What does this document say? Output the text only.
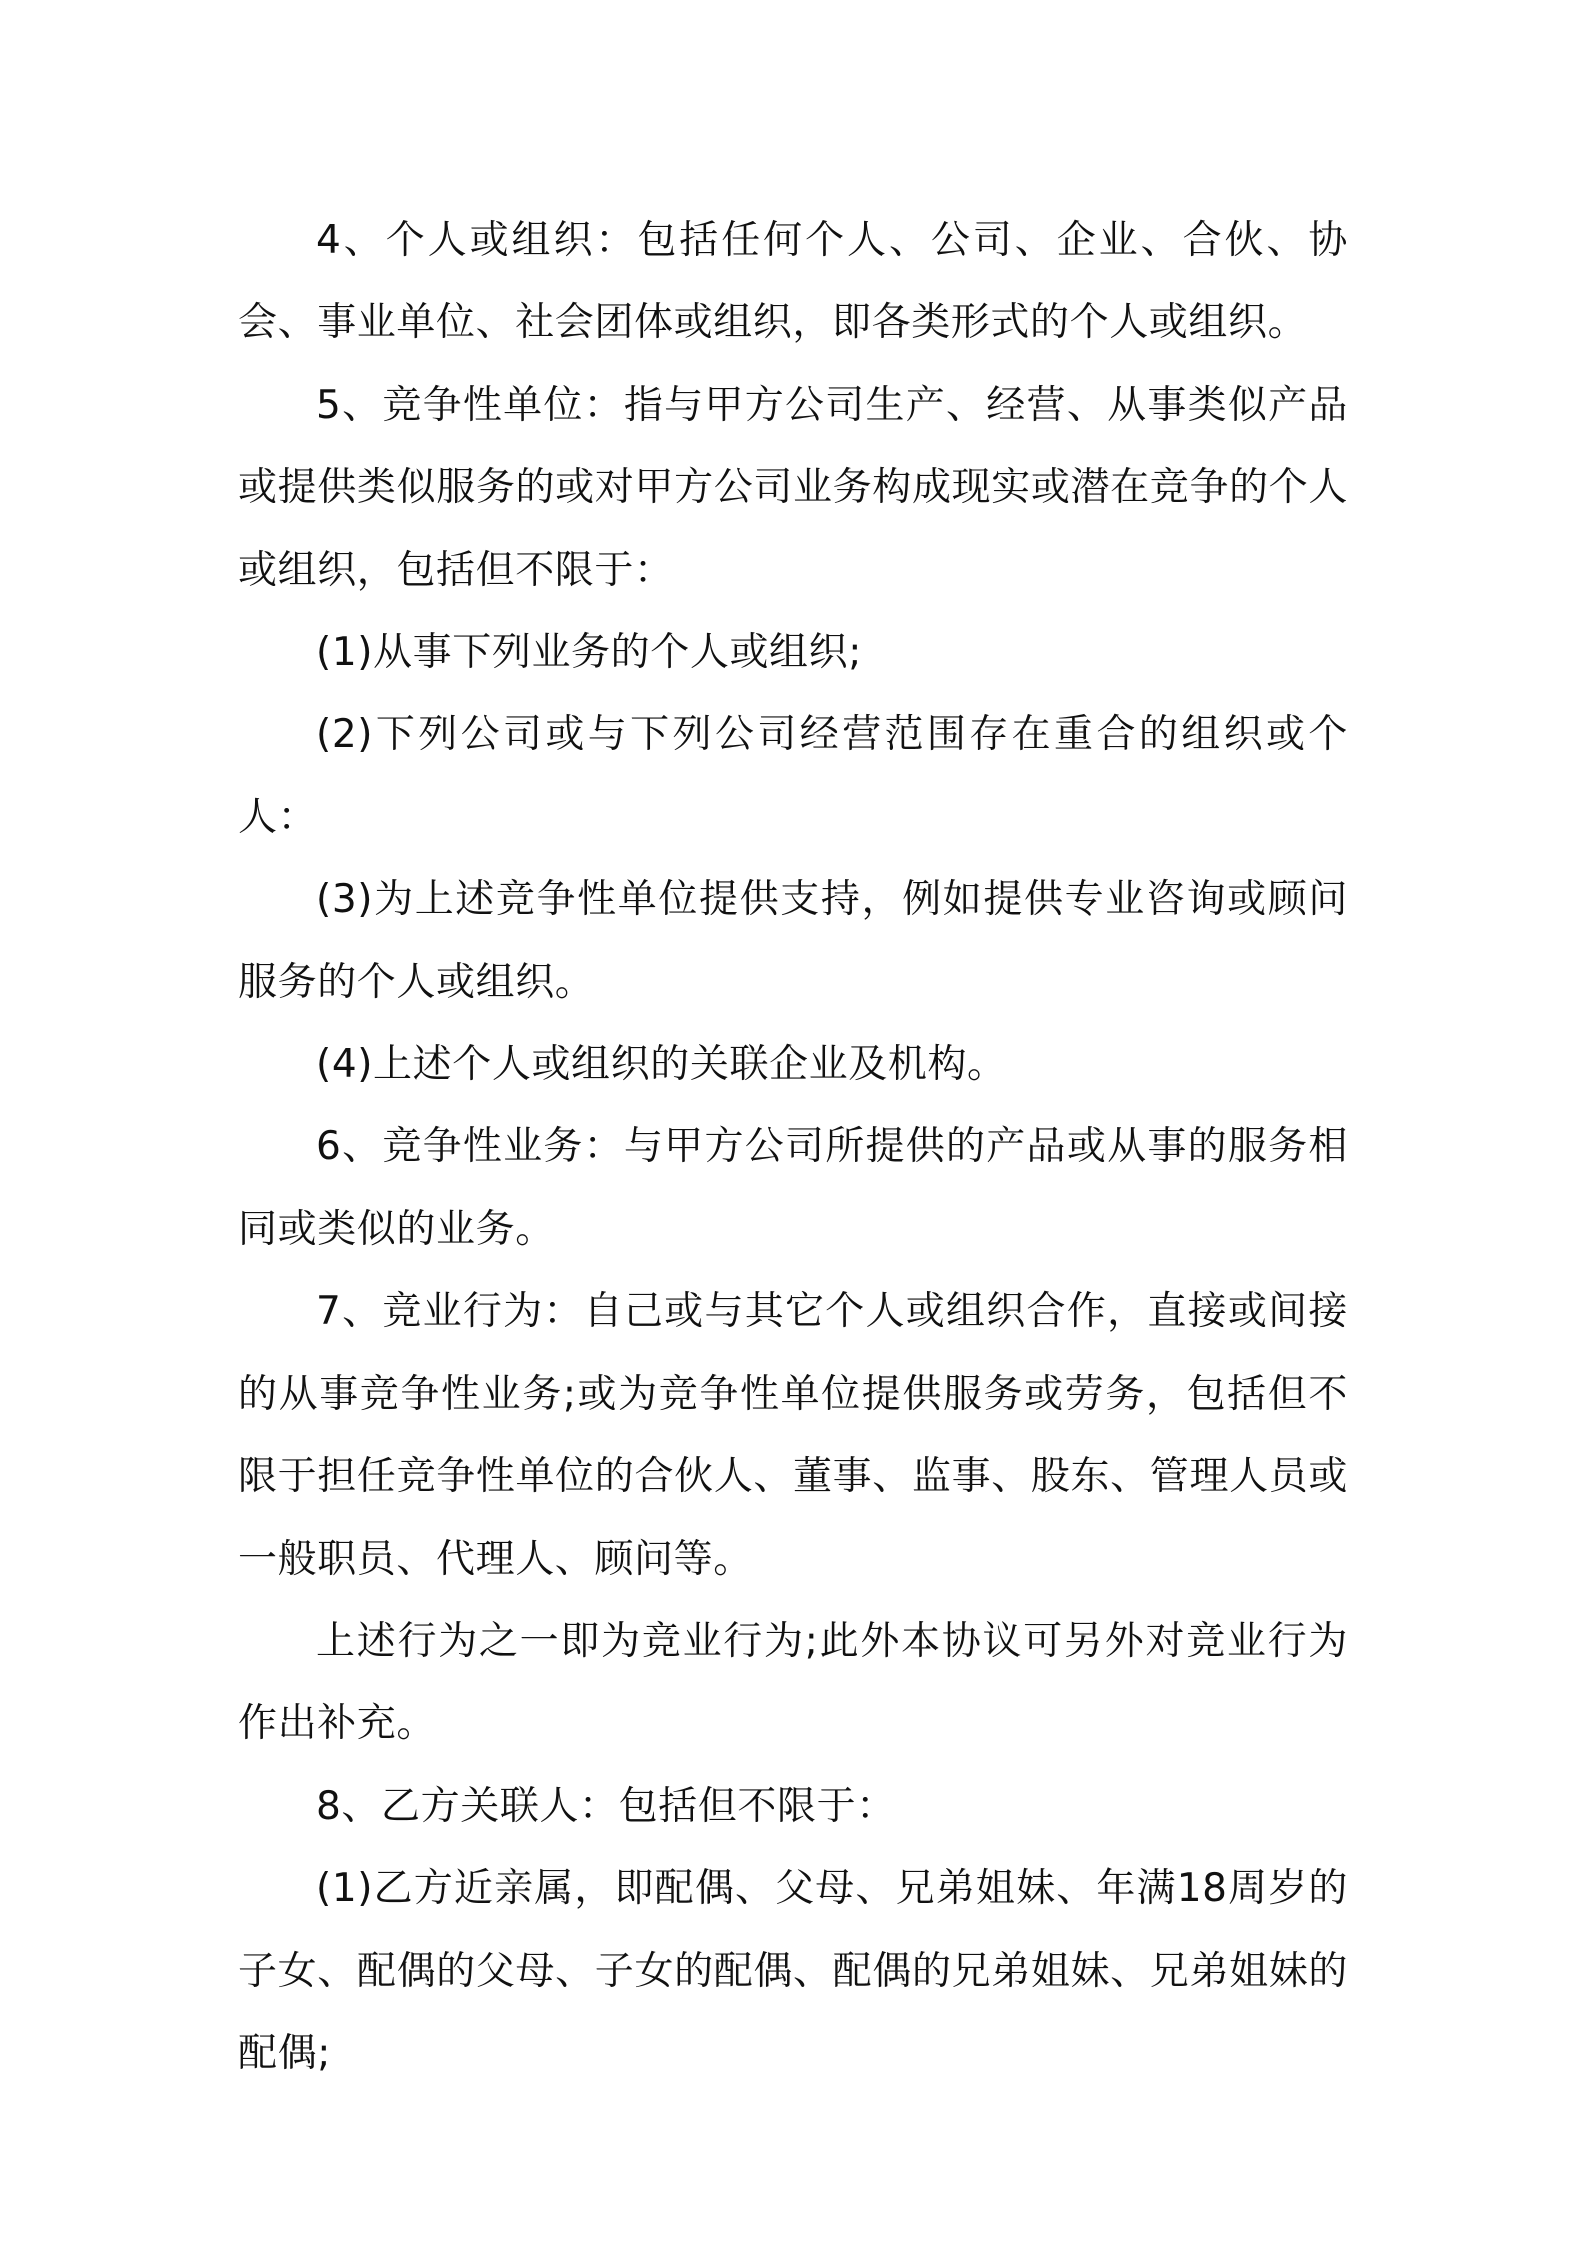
4、个人或组织：包括任何个人、公司、企业、合伙、协会、事业单位、社会团体或组织，即各类形式的个人或组织。

5、竞争性单位：指与甲方公司生产、经营、从事类似产品或提供类似服务的或对甲方公司业务构成现实或潜在竞争的个人或组织，包括但不限于：

(1)从事下列业务的个人或组织;

(2)下列公司或与下列公司经营范围存在重合的组织或个人：

(3)为上述竞争性单位提供支持，例如提供专业咨询或顾问服务的个人或组织。

(4)上述个人或组织的关联企业及机构。

6、竞争性业务：与甲方公司所提供的产品或从事的服务相同或类似的业务。

7、竞业行为：自己或与其它个人或组织合作，直接或间接的从事竞争性业务;或为竞争性单位提供服务或劳务，包括但不限于担任竞争性单位的合伙人、董事、监事、股东、管理人员或一般职员、代理人、顾问等。

上述行为之一即为竞业行为;此外本协议可另外对竞业行为作出补充。

8、乙方关联人：包括但不限于：

(1)乙方近亲属，即配偶、父母、兄弟姐妹、年满18周岁的子女、配偶的父母、子女的配偶、配偶的兄弟姐妹、兄弟姐妹的配偶;
